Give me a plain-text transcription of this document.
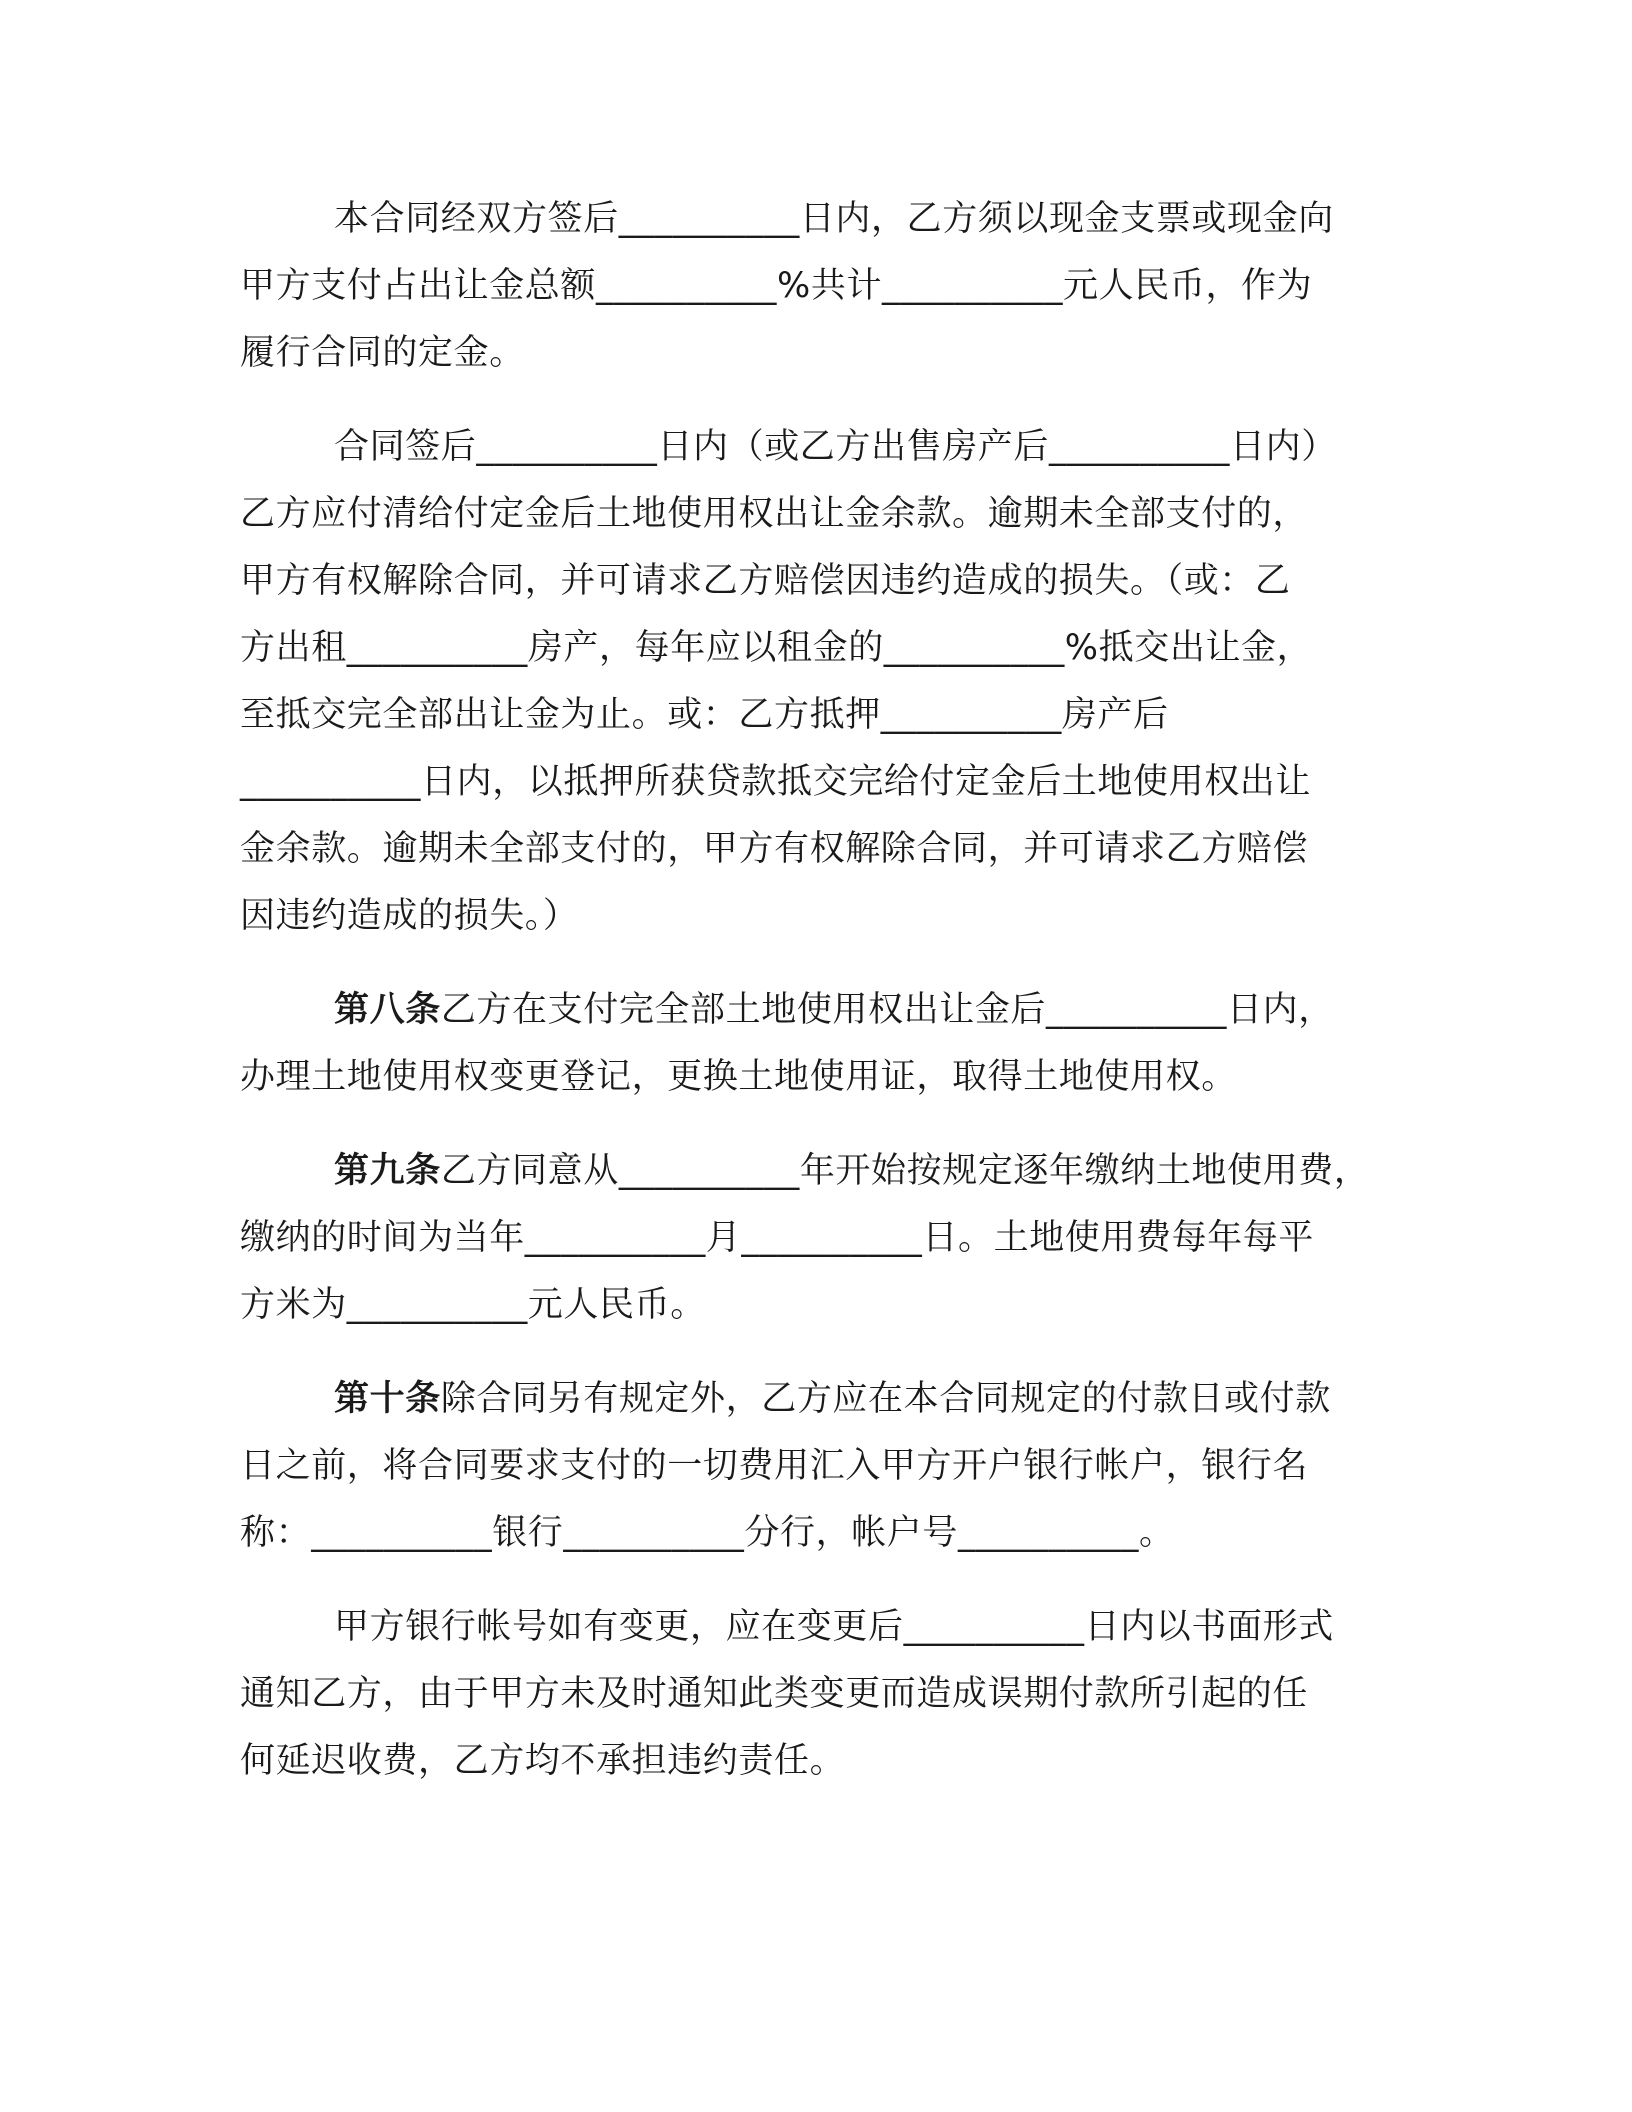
本合同经双方签后__________日内，乙方须以现金支票或现金向
甲方支付占出让金总额__________%共计__________元人民币，作为
履行合同的定金。
合同签后__________日内（或乙方出售房产后__________日内）
乙方应付清给付定金后土地使用权出让金余款。逾期未全部支付的，
甲方有权解除合同，并可请求乙方赔偿因违约造成的损失。（或：乙
方出租__________房产，每年应以租金的__________%抵交出让金，
至抵交完全部出让金为止。或：乙方抵押__________房产后
__________日内，以抵押所获贷款抵交完给付定金后土地使用权出让
金余款。逾期未全部支付的，甲方有权解除合同，并可请求乙方赔偿
因违约造成的损失。）
第八条乙方在支付完全部土地使用权出让金后__________日内，
办理土地使用权变更登记，更换土地使用证，取得土地使用权。
第九条乙方同意从__________年开始按规定逐年缴纳土地使用费，
缴纳的时间为当年__________月__________日。土地使用费每年每平
方米为__________元人民币。
第十条除合同另有规定外，乙方应在本合同规定的付款日或付款
日之前，将合同要求支付的一切费用汇入甲方开户银行帐户，银行名
称：__________银行__________分行，帐户号__________。
甲方银行帐号如有变更，应在变更后__________日内以书面形式
通知乙方，由于甲方未及时通知此类变更而造成误期付款所引起的任
何延迟收费，乙方均不承担违约责任。
